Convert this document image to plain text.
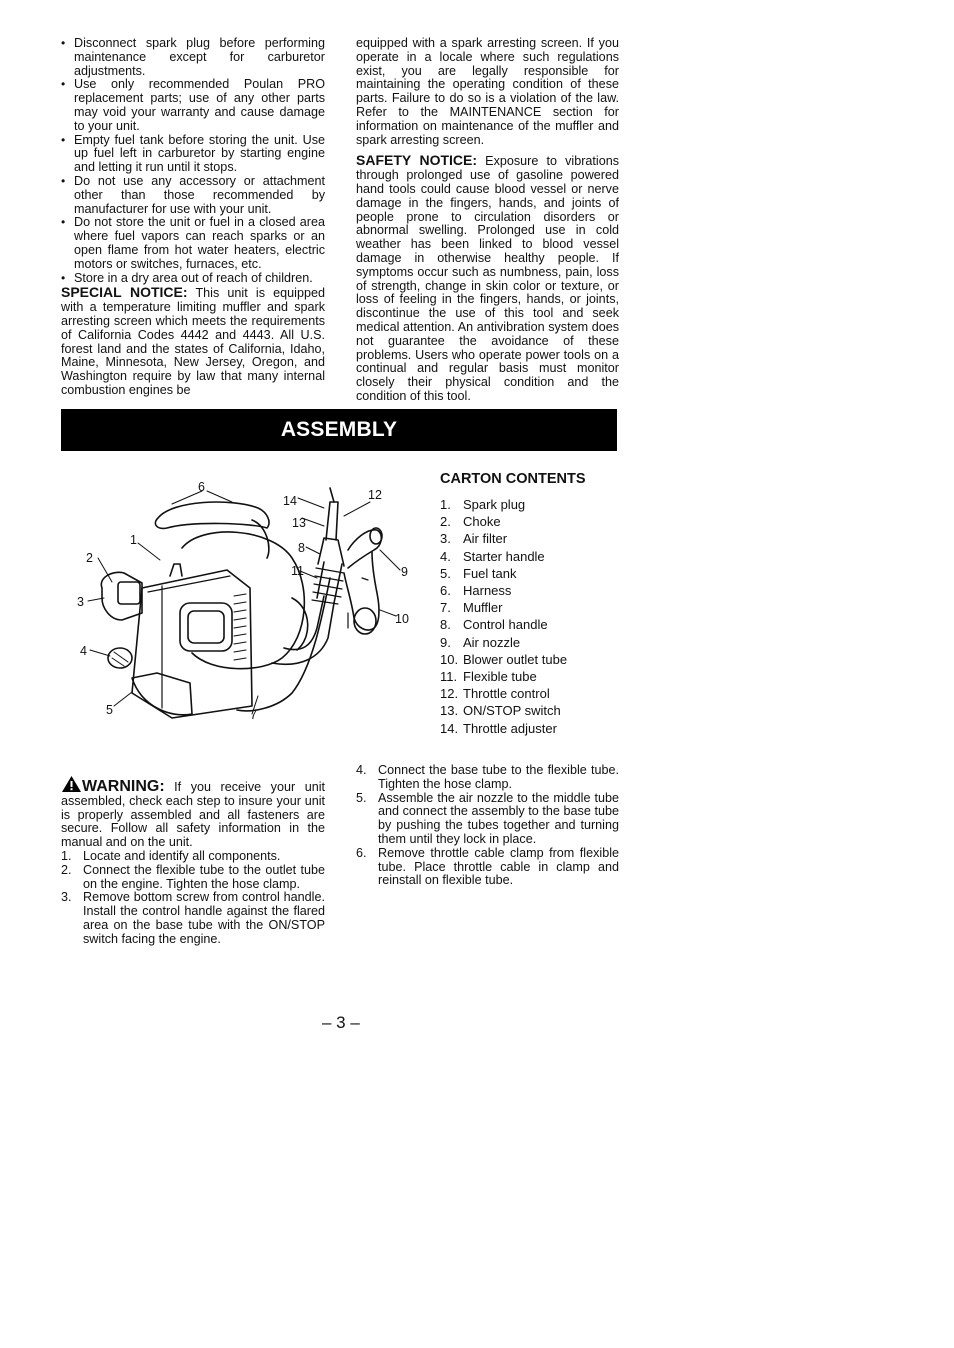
• Disconnect spark plug before performing maintenance except for carburetor adjustments.
• Use only recommended Poulan PRO replacement parts; use of any other parts may void your warranty and cause damage to your unit.
• Empty fuel tank before storing the unit. Use up fuel left in carburetor by starting engine and letting it run until it stops.
• Do not use any accessory or attachment other than those recommended by manufacturer for use with your unit.
• Do not store the unit or fuel in a closed area where fuel vapors can reach sparks or an open flame from hot water heaters, electric motors or switches, furnaces, etc.
• Store in a dry area out of reach of children.

SPECIAL NOTICE: This unit is equipped with a temperature limiting muffler and spark arresting screen which meets the requirements of California Codes 4442 and 4443. All U.S. forest land and the states of California, Idaho, Maine, Minnesota, New Jersey, Oregon, and Washington require by law that many internal combustion engines be

equipped with a spark arresting screen. If you operate in a locale where such regulations exist, you are legally responsible for maintaining the operating condition of these parts. Failure to do so is a violation of the law. Refer to the MAINTENANCE section for information on maintenance of the muffler and spark arresting screen.

SAFETY NOTICE: Exposure to vibrations through prolonged use of gasoline powered hand tools could cause blood vessel or nerve damage in the fingers, hands, and joints of people prone to circulation disorders or abnormal swelling. Prolonged use in cold weather has been linked to blood vessel damage in otherwise healthy people. If symptoms occur such as numbness, pain, loss of strength, change in skin color or texture, or loss of feeling in the fingers, hands, or joints, discontinue the use of this tool and seek medical attention. An antivibration system does not guarantee the avoidance of these problems. Users who operate power tools on a continual and regular basis must monitor closely their physical condition and the condition of this tool.

ASSEMBLY
6
1
2
3
4
5	7
8
11
14
13
12
9
10
CARTON CONTENTS
1. Spark plug
2. Choke
3. Air filter
4. Starter handle
5. Fuel tank
6. Harness
7. Muffler
8. Control handle
9. Air nozzle
10. Blower outlet tube
11. Flexible tube
12. Throttle control
13. ON/STOP switch
14. Throttle adjuster

WARNING: If you receive your unit assembled, check each step to insure your unit is properly assembled and all fasteners are secure. Follow all safety information in the manual and on the unit.

1. Locate and identify all components.
2. Connect the flexible tube to the outlet tube on the engine. Tighten the hose clamp.
3. Remove bottom screw from control handle. Install the control handle against the flared area on the base tube with the ON/STOP switch facing the engine.
4. Connect the base tube to the flexible tube. Tighten the hose clamp.
5. Assemble the air nozzle to the middle tube and connect the assembly to the base tube by pushing the tubes together and turning them until they lock in place.
6. Remove throttle cable clamp from flexible tube. Place throttle cable in clamp and reinstall on flexible tube.
– 3 –
